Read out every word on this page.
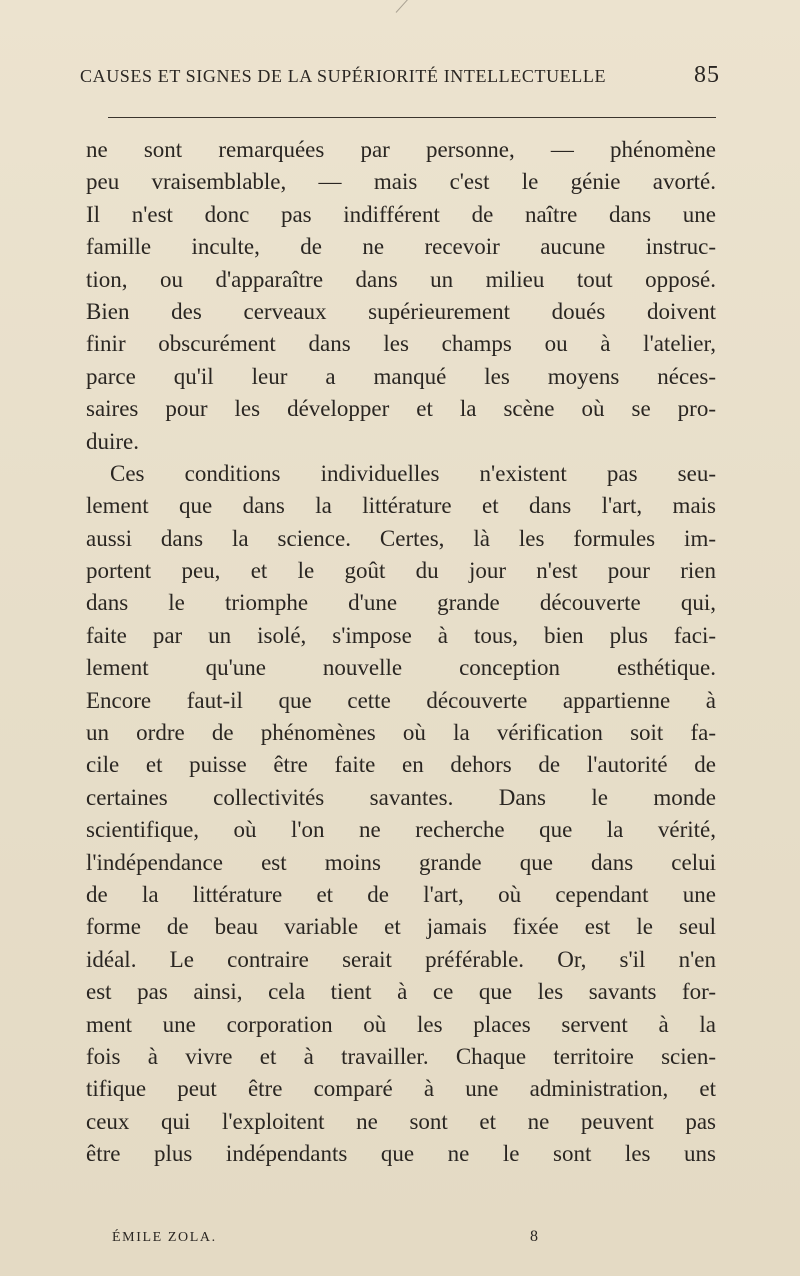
CAUSES ET SIGNES DE LA SUPÉRIORITÉ INTELLECTUELLE	85
ne sont remarquées par personne, — phénomène
peu vraisemblable, — mais c'est le génie avorté.
Il n'est donc pas indifférent de naître dans une
famille inculte, de ne recevoir aucune instruc-
tion, ou d'apparaître dans un milieu tout opposé.
Bien des cerveaux supérieurement doués doivent
finir obscurément dans les champs ou à l'atelier,
parce qu'il leur a manqué les moyens néces-
saires pour les développer et la scène où se pro-
duire.
Ces conditions individuelles n'existent pas seu-
lement que dans la littérature et dans l'art, mais
aussi dans la science. Certes, là les formules im-
portent peu, et le goût du jour n'est pour rien
dans le triomphe d'une grande découverte qui,
faite par un isolé, s'impose à tous, bien plus faci-
lement qu'une nouvelle conception esthétique.
Encore faut-il que cette découverte appartienne à
un ordre de phénomènes où la vérification soit fa-
cile et puisse être faite en dehors de l'autorité de
certaines collectivités savantes. Dans le monde
scientifique, où l'on ne recherche que la vérité,
l'indépendance est moins grande que dans celui
de la littérature et de l'art, où cependant une
forme de beau variable et jamais fixée est le seul
idéal. Le contraire serait préférable. Or, s'il n'en
est pas ainsi, cela tient à ce que les savants for-
ment une corporation où les places servent à la
fois à vivre et à travailler. Chaque territoire scien-
tifique peut être comparé à une administration, et
ceux qui l'exploitent ne sont et ne peuvent pas
être plus indépendants que ne le sont les uns
ÉMILE ZOLA.	8
